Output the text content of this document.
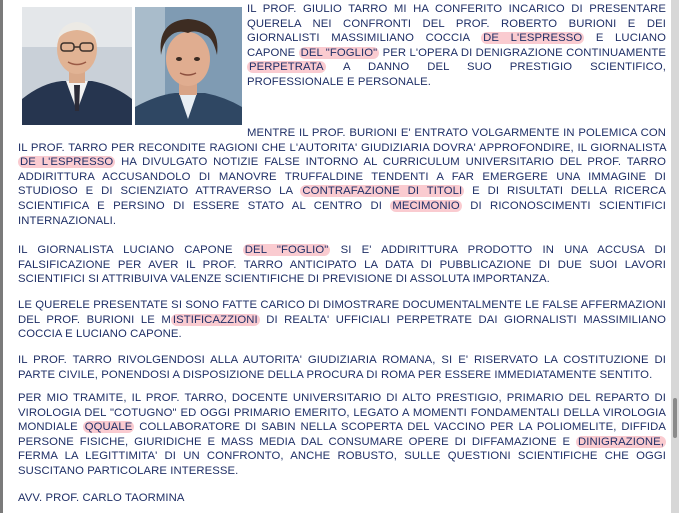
IL PROF. GIULIO TARRO MI HA CONFERITO INCARICO DI PRESENTARE QUERELA NEI CONFRONTI DEL PROF. ROBERTO BURIONI E DEI GIORNALISTI MASSIMILIANO COCCIA DE L'ESPRESSO E LUCIANO CAPONE DEL "FOGLIO" PER L'OPERA DI DENIGRAZIONE CONTINUAMENTE PERPETRATA A DANNO DEL SUO PRESTIGIO SCIENTIFICO, PROFESSIONALE E PERSONALE.

MENTRE IL PROF. BURIONI E' ENTRATO VOLGARMENTE IN POLEMICA CON IL PROF. TARRO PER RECONDITE RAGIONI CHE L'AUTORITA' GIUDIZIARIA DOVRA' APPROFONDIRE, IL GIORNALISTA DE L'ESPRESSO HA DIVULGATO NOTIZIE FALSE INTORNO AL CURRICULUM UNIVERSITARIO DEL PROF. TARRO ADDIRITTURA ACCUSANDOLO DI MANOVRE TRUFFALDINE TENDENTI A FAR EMERGERE UNA IMMAGINE DI STUDIOSO E DI SCIENZIATO ATTRAVERSO LA CONTRAFAZIONE DI TITOLI E DI RISULTATI DELLA RICERCA SCIENTIFICA E PERSINO DI ESSERE STATO AL CENTRO DI MECIMONIO DI RICONOSCIMENTI SCIENTIFICI INTERNAZIONALI.

IL GIORNALISTA LUCIANO CAPONE DEL "FOGLIO" SI E' ADDIRITTURA PRODOTTO IN UNA ACCUSA DI FALSIFICAZIONE PER AVER IL PROF. TARRO ANTICIPATO LA DATA DI PUBBLICAZIONE DI DUE SUOI LAVORI SCIENTIFICI SI ATTRIBUIVA VALENZE SCIENTIFICHE DI PREVISIONE DI ASSOLUTA IMPORTANZA.

LE QUERELE PRESENTATE SI SONO FATTE CARICO DI DIMOSTRARE DOCUMENTALMENTE LE FALSE AFFERMAZIONI DEL PROF. BURIONI LE M ISTIFICAZZIONI DI REALTA' UFFICIALI PERPETRATE DAI GIORNALISTI MASSIMILIANO COCCIA E LUCIANO CAPONE.

IL PROF. TARRO RIVOLGENDOSI ALLA AUTORITA' GIUDIZIARIA ROMANA, SI E' RISERVATO LA COSTITUZIONE DI PARTE CIVILE, PONENDOSI A DISPOSIZIONE DELLA PROCURA DI ROMA PER ESSERE IMMEDIATAMENTE SENTITO.

PER MIO TRAMITE, IL PROF. TARRO, DOCENTE UNIVERSITARIO DI ALTO PRESTIGIO, PRIMARIO DEL REPARTO DI VIROLOGIA DEL "COTUGNO" ED OGGI PRIMARIO EMERITO, LEGATO A MOMENTI FONDAMENTALI DELLA VIROLOGIA MONDIALE QQUALE COLLABORATORE DI SABIN NELLA SCOPERTA DEL VACCINO PER LA POLIOMELITE, DIFFIDA PERSONE FISICHE, GIURIDICHE E MASS MEDIA DAL CONSUMARE OPERE DI DIFFAMAZIONE E DINIGRAZIONE, FERMA LA LEGITTIMITA' DI UN CONFRONTO, ANCHE ROBUSTO, SULLE QUESTIONI SCIENTIFICHE CHE OGGI SUSCITANO PARTICOLARE INTERESSE.

AVV. PROF. CARLO TAORMINA
